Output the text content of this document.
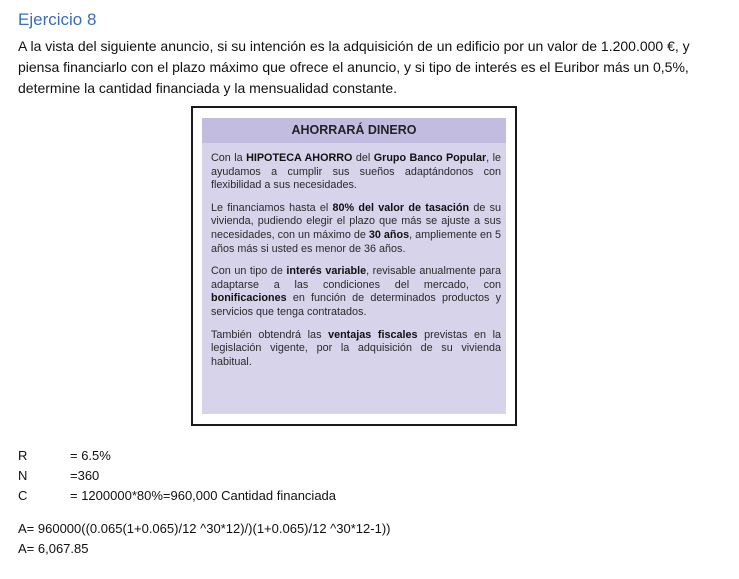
Ejercicio 8
A la vista del siguiente anuncio, si su intención es la adquisición de un edificio por un valor de 1.200.000 €, y piensa financiarlo con el plazo máximo que ofrece el anuncio, y si tipo de interés es el Euribor más un 0,5%, determine la cantidad financiada y la mensualidad constante.
AHORRARÁ DINERO

Con la HIPOTECA AHORRO del Grupo Banco Popular, le ayudamos a cumplir sus sueños adaptándonos con flexibilidad a sus necesidades.

Le financiamos hasta el 80% del valor de tasación de su vivienda, pudiendo elegir el plazo que más se ajuste a sus necesidades, con un máximo de 30 años, ampliemente en 5 años más si usted es menor de 36 años.

Con un tipo de interés variable, revisable anualmente para adaptarse a las condiciones del mercado, con bonificaciones en función de determinados productos y servicios que tenga contratados.

También obtendrá las ventajas fiscales previstas en la legislación vigente, por la adquisición de su vivienda habitual.

R	= 6.5%
N	=360
C	= 1200000*80%=960,000 Cantidad financiada
A= 960000((0.065(1+0.065)/12 ^30*12)/)(1+0.065)/12 ^30*12-1))
A= 6,067.85
